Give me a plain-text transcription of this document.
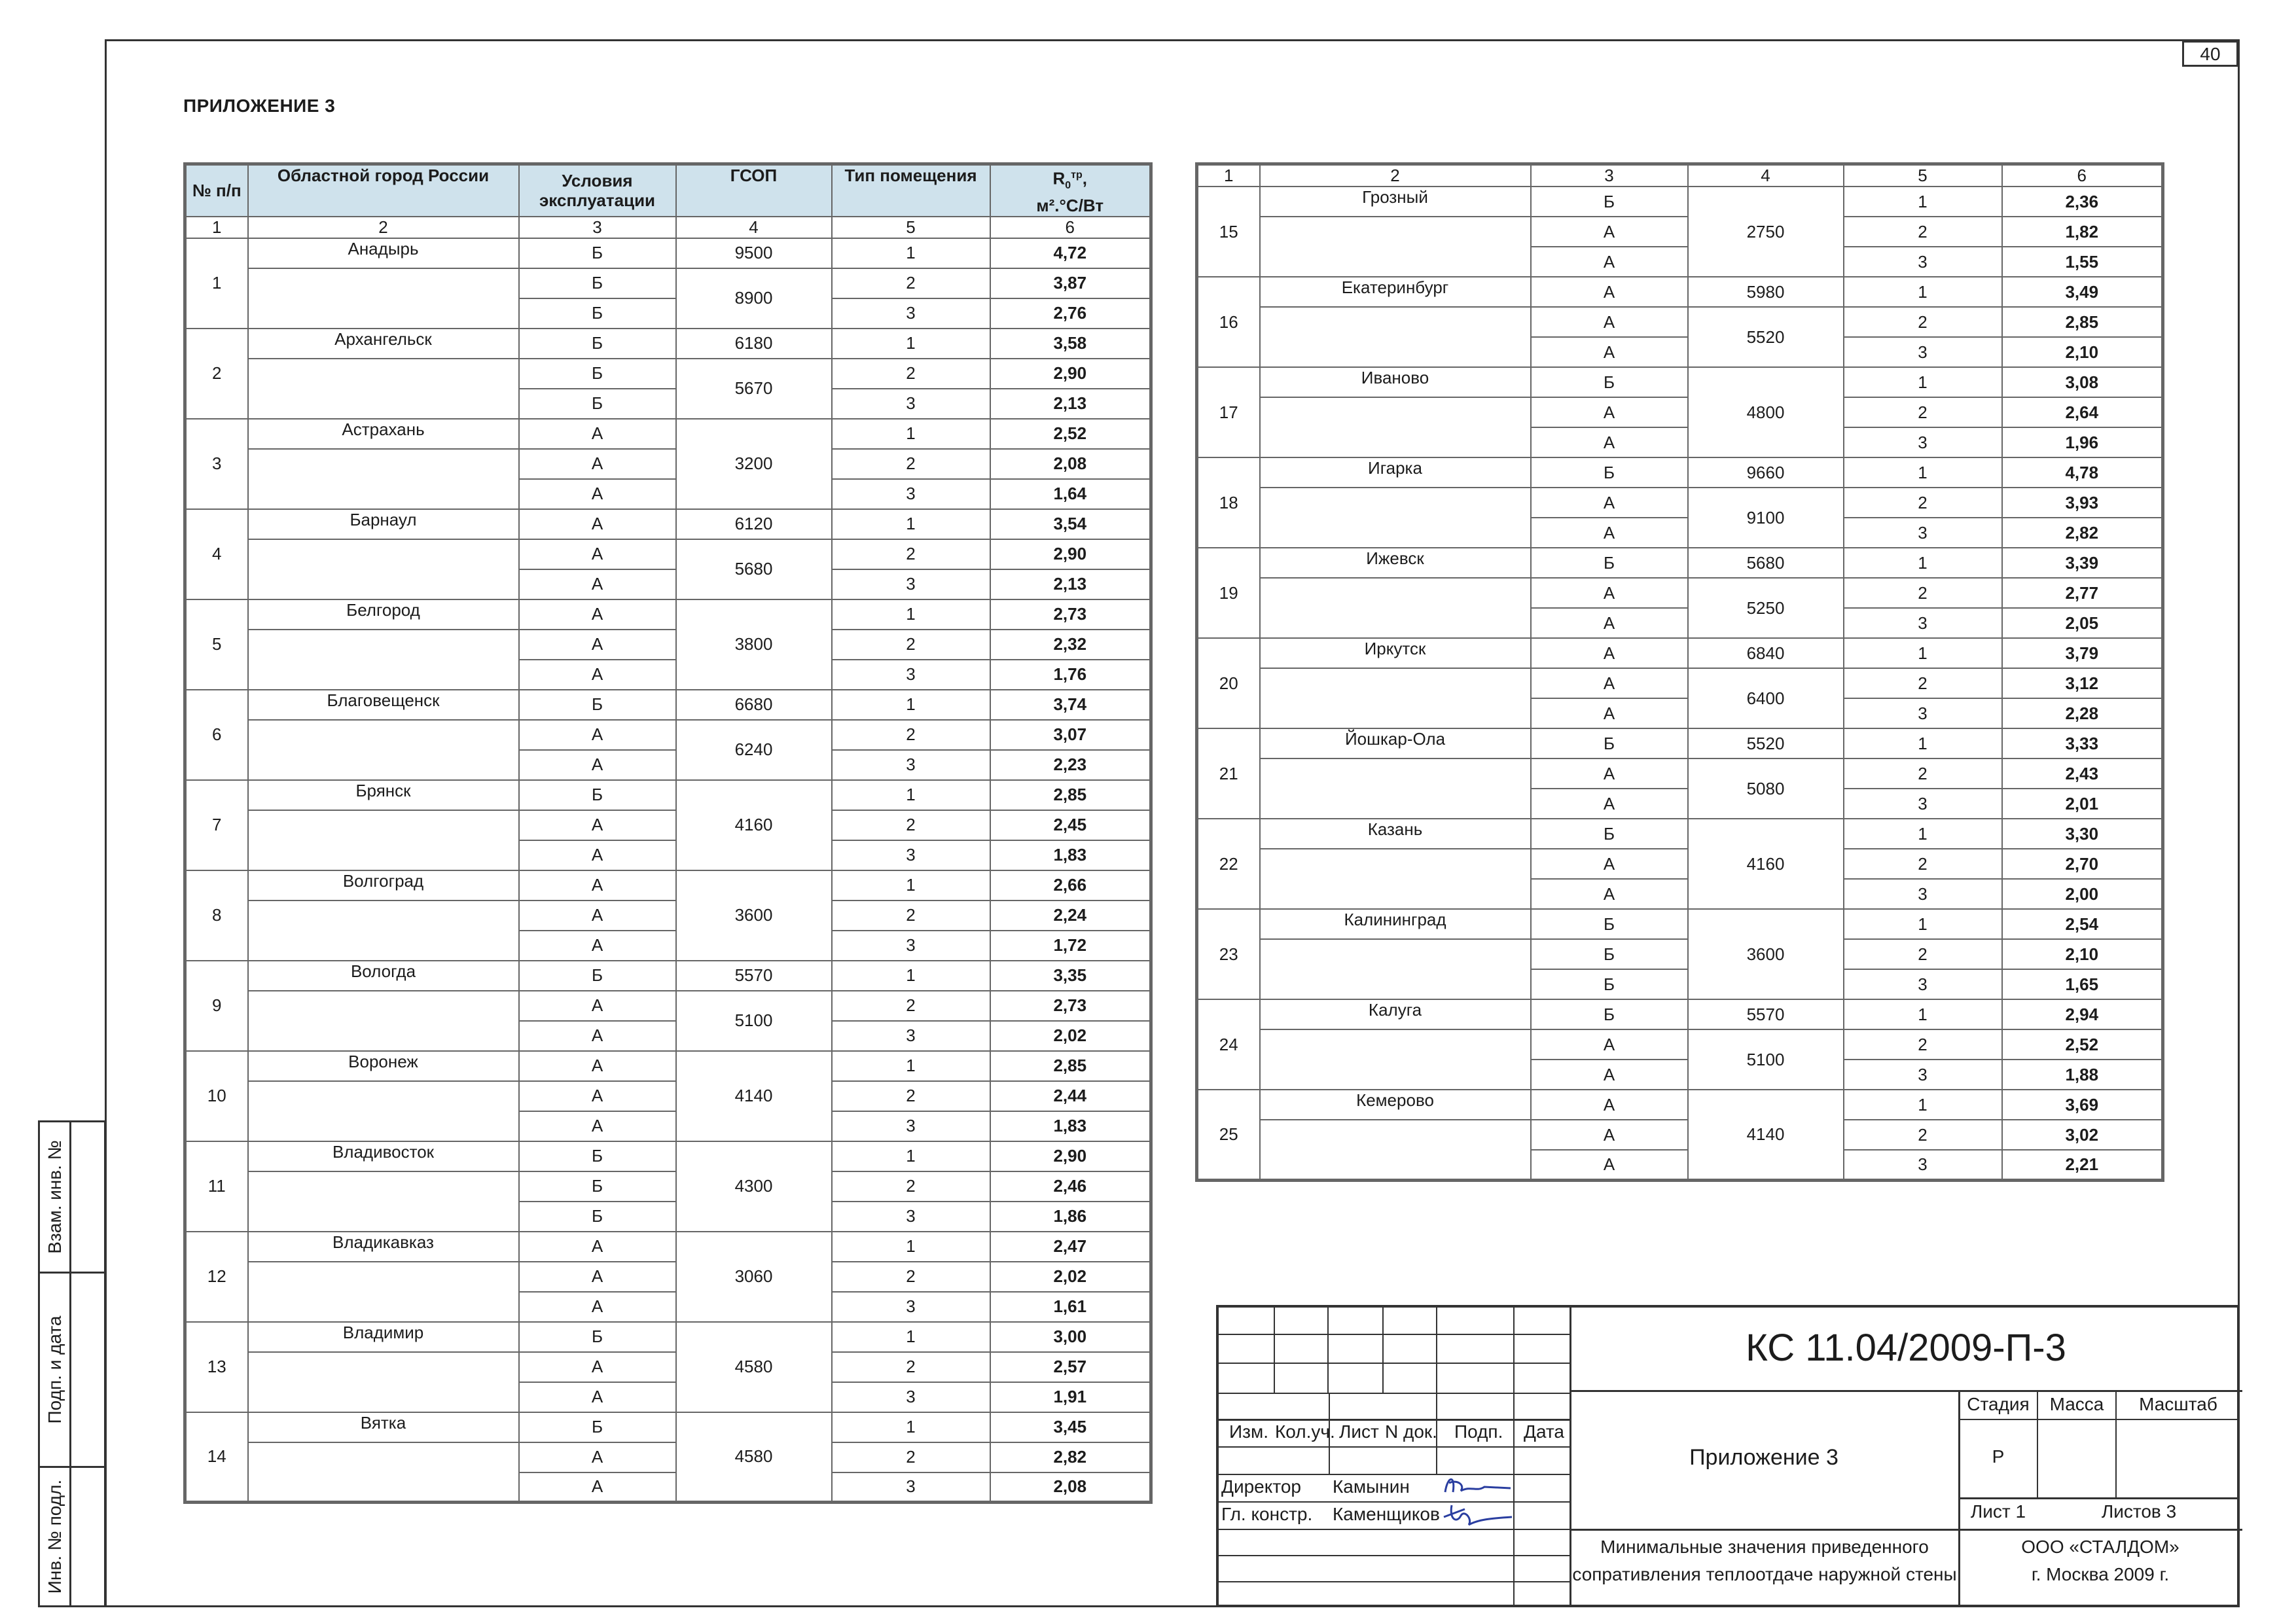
40
ПРИЛОЖЕНИЕ 3
Взам. инв. №
Подп. и дата
Инв. № подл.
№ п/п	Областной город России	Условия эксплуатации	ГСОП	Тип помещения	$R_0^{тр}$,
м².°С/Вт
1	2	3	4	5	6
1	Анадырь	Б	9500	1	4,72
		Б	8900	2	3,87
		Б		3	2,76
2	Архангельск	Б	6180	1	3,58
		Б	5670	2	2,90
		Б		3	2,13
3	Астрахань	А	3200	1	2,52
		А		2	2,08
		А		3	1,64
4	Барнаул	А	6120	1	3,54
		А	5680	2	2,90
		А		3	2,13
5	Белгород	А	3800	1	2,73
		А		2	2,32
		А		3	1,76
6	Благовещенск	Б	6680	1	3,74
		А	6240	2	3,07
		А		3	2,23
7	Брянск	Б	4160	1	2,85
		А		2	2,45
		А		3	1,83
8	Волгоград	А	3600	1	2,66
		А		2	2,24
		А		3	1,72
9	Вологда	Б	5570	1	3,35
		А	5100	2	2,73
		А		3	2,02
10	Воронеж	А	4140	1	2,85
		А		2	2,44
		А		3	1,83
11	Владивосток	Б	4300	1	2,90
		Б		2	2,46
		Б		3	1,86
12	Владикавказ	А	3060	1	2,47
		А		2	2,02
		А		3	1,61
13	Владимир	Б	4580	1	3,00
		А		2	2,57
		А		3	1,91
14	Вятка	Б	4580	1	3,45
		А		2	2,82
		А		3	2,08
1	2	3	4	5	6
15	Грозный	Б	2750	1	2,36
		А		2	1,82
		А		3	1,55
16	Екатеринбург	А	5980	1	3,49
		А	5520	2	2,85
		А		3	2,10
17	Иваново	Б	4800	1	3,08
		А		2	2,64
		А		3	1,96
18	Игарка	Б	9660	1	4,78
		А	9100	2	3,93
		А		3	2,82
19	Ижевск	Б	5680	1	3,39
		А	5250	2	2,77
		А		3	2,05
20	Иркутск	А	6840	1	3,79
		А	6400	2	3,12
		А		3	2,28
21	Йошкар-Ола	Б	5520	1	3,33
		А	5080	2	2,43
		А		3	2,01
22	Казань	Б	4160	1	3,30
		А		2	2,70
		А		3	2,00
23	Калининград	Б	3600	1	2,54
		Б		2	2,10
		Б		3	1,65
24	Калуга	Б	5570	1	2,94
		А	5100	2	2,52
		А		3	1,88
25	Кемерово	А	4140	1	3,69
		А		2	3,02
		А		3	2,21
КС 11.04/2009-П-3
Изм. Кол.уч. Лист N док. Подп. Дата
Директор Камынин
Гл. констр. Каменщиков
Приложение 3
Стадия	Масса	Масштаб
Р
Лист 1	Листов 3
Минимальные значения приведенного
сопративления теплоотдаче наружной стены
ООО «СТАЛДОМ»
г. Москва 2009 г.
